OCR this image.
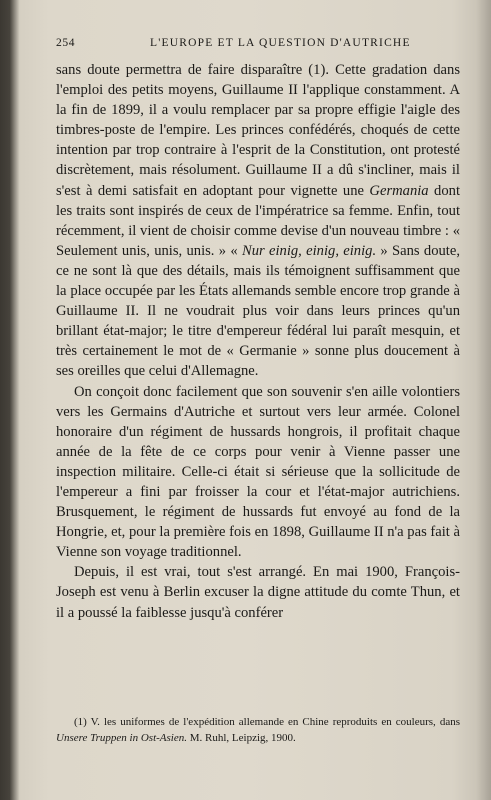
254	L'EUROPE ET LA QUESTION D'AUTRICHE

sans doute permettra de faire disparaître (1). Cette gradation dans l'emploi des petits moyens, Guillaume II l'applique constamment. A la fin de 1899, il a voulu remplacer par sa propre effigie l'aigle des timbres-poste de l'empire. Les princes confédérés, choqués de cette intention par trop contraire à l'esprit de la Constitution, ont protesté discrètement, mais résolument. Guillaume II a dû s'incliner, mais il s'est à demi satisfait en adoptant pour vignette une Germania dont les traits sont inspirés de ceux de l'impératrice sa femme. Enfin, tout récemment, il vient de choisir comme devise d'un nouveau timbre : « Seulement unis, unis, unis. » « Nur einig, einig, einig. » Sans doute, ce ne sont là que des détails, mais ils témoignent suffisamment que la place occupée par les États allemands semble encore trop grande à Guillaume II. Il ne voudrait plus voir dans leurs princes qu'un brillant état-major; le titre d'empereur fédéral lui paraît mesquin, et très certainement le mot de « Germanie » sonne plus doucement à ses oreilles que celui d'Allemagne.

On conçoit donc facilement que son souvenir s'en aille volontiers vers les Germains d'Autriche et surtout vers leur armée. Colonel honoraire d'un régiment de hussards hongrois, il profitait chaque année de la fête de ce corps pour venir à Vienne passer une inspection militaire. Celle-ci était si sérieuse que la sollicitude de l'empereur a fini par froisser la cour et l'état-major autrichiens. Brusquement, le régiment de hussards fut envoyé au fond de la Hongrie, et, pour la première fois en 1898, Guillaume II n'a pas fait à Vienne son voyage traditionnel.

Depuis, il est vrai, tout s'est arrangé. En mai 1900, François-Joseph est venu à Berlin excuser la digne attitude du comte Thun, et il a poussé la faiblesse jusqu'à conférer

(1) V. les uniformes de l'expédition allemande en Chine reproduits en couleurs, dans Unsere Truppen in Ost-Asien. M. Ruhl, Leipzig, 1900.
